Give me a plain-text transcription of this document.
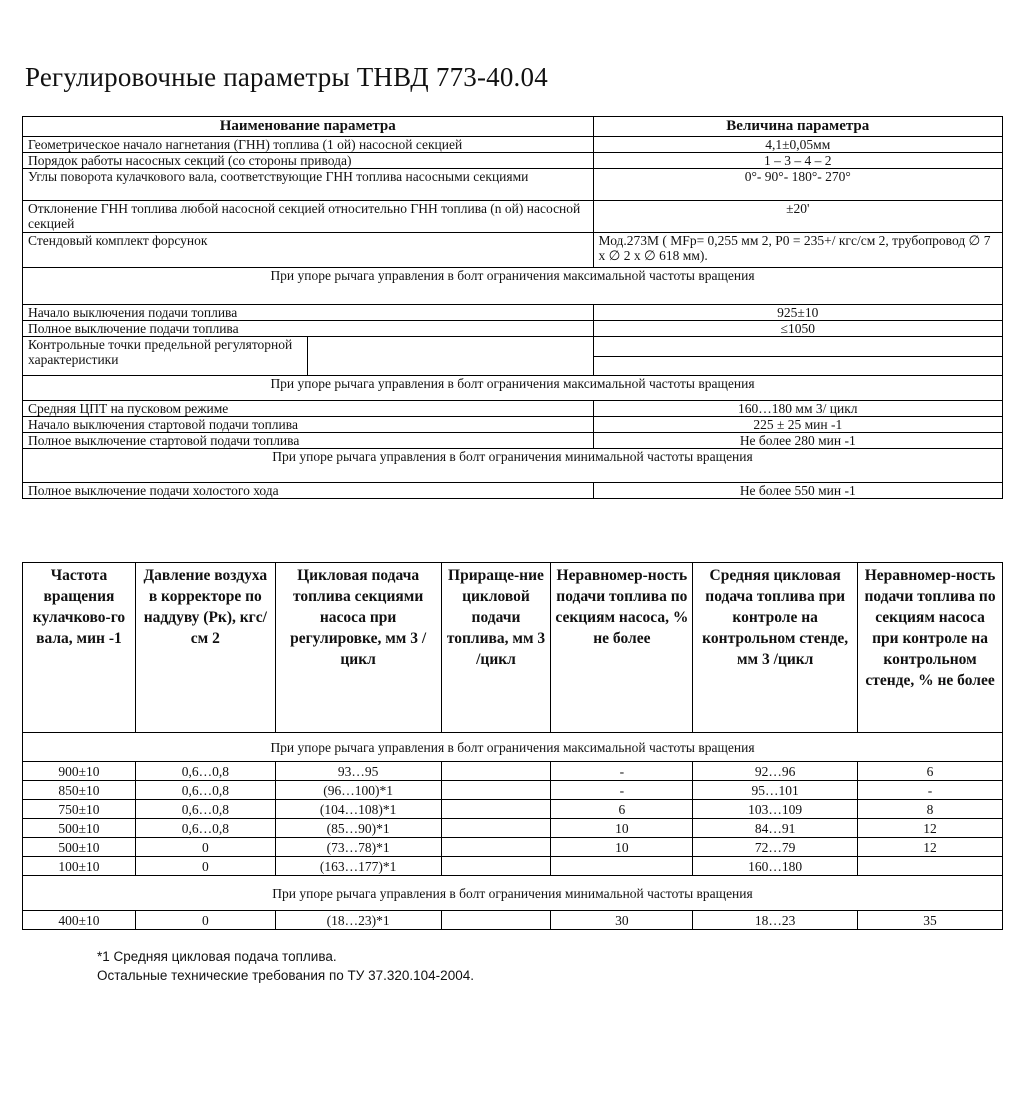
Регулировочные параметры ТНВД 773-40.04
Наименование параметра	Величина параметра
Геометрическое начало нагнетания (ГНН) топлива (1 ой) насосной секцией	4,1±0,05мм
Порядок работы насосных секций (со стороны привода)	1 – 3 – 4 – 2
Углы поворота кулачкового вала, соответствующие ГНН топлива насосными секциями	0°- 90°- 180°- 270°
Отклонение ГНН топлива любой насосной секцией относительно ГНН топлива (n ой) насосной секцией	±20'
Стендовый комплект форсунок	Мод.273М ( MFp= 0,255 мм 2, P0 = 235+/ кгс/см 2, трубопровод ∅ 7 х ∅ 2 х ∅ 618 мм).
При упоре рычага управления в болт ограничения максимальной частоты вращения	
Начало выключения подачи топлива	925±10
Полное выключение подачи топлива	≤1050

Контрольные точки предельной регуляторной характеристики	

При упоре рычага управления в болт ограничения максимальной частоты вращения	
Средняя ЦПТ на пусковом режиме	160…180 мм 3/ цикл
Начало выключения стартовой подачи топлива	225 ± 25 мин -1
Полное выключение стартовой подачи топлива	Не более 280 мин -1
При упоре рычага управления в болт ограничения минимальной частоты вращения	
Полное выключение подачи холостого хода	Не более 550 мин -1
Частота вращения кулачково-го вала, мин -1	Давление воздуха в корректоре по наддуву (Pк), кгс/см 2	Цикловая подача топлива секциями насоса при регулировке, мм 3 /цикл	Прираще-ние цикловой подачи топлива, мм 3 /цикл	Неравномер-ность подачи топлива по секциям насоса, % не более	Средняя цикловая подача топлива при контроле на контрольном стенде, мм 3 /цикл	Неравномер-ность подачи топлива по секциям насоса при контроле на контрольном стенде, % не более
При упоре рычага управления в болт ограничения максимальной частоты вращения						
900±10	0,6…0,8	93…95		-	92…96	6
850±10	0,6…0,8	(96…100)*1		-	95…101	-
750±10	0,6…0,8	(104…108)*1		6	103…109	8
500±10	0,6…0,8	(85…90)*1		10	84…91	12
500±10	0	(73…78)*1		10	72…79	12
100±10	0	(163…177)*1			160…180	
При упоре рычага управления в болт ограничения минимальной частоты вращения						
400±10	0	(18…23)*1		30	18…23	35
*1 Средняя цикловая подача топлива.
Остальные технические требования по ТУ 37.320.104-2004.
